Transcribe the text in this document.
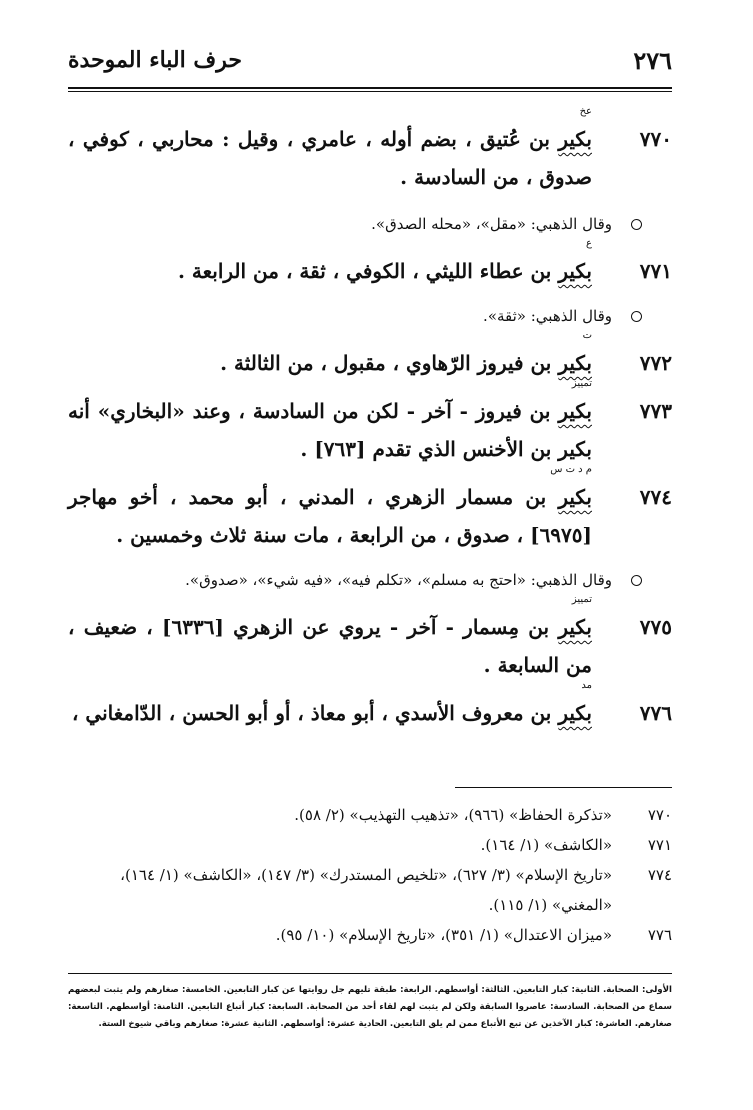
٢٧٦
حرف الباء الموحدة

٧٧٠
عخ
بكير بن عُتيق ، بضم أوله ، عامري ، وقيل : محاربي ، كوفي ، صدوق ، من السادسة .

وقال الذهبي: «مقل»، «محله الصدق».

٧٧١
ع
بكير بن عطاء الليثي ، الكوفي ، ثقة ، من الرابعة .

وقال الذهبي: «ثقة».

٧٧٢
ت
بكير بن فيروز الرّهاوي ، مقبول ، من الثالثة .

٧٧٣
تمييز
بكير بن فيروز - آخر - لكن من السادسة ، وعند «البخاري» أنه بكير بن الأخنس الذي تقدم [٧٦٣] .

٧٧٤
م د ت س
بكير بن مسمار الزهري ، المدني ، أبو محمد ، أخو مهاجر [٦٩٧٥] ، صدوق ، من الرابعة ، مات سنة ثلاث وخمسين .

وقال الذهبي: «احتج به مسلم»، «تكلم فيه»، «فيه شيء»، «صدوق».

٧٧٥
تمييز
بكير بن مِسمار - آخر - يروي عن الزهري [٦٣٣٦] ، ضعيف ، من السابعة .

٧٧٦
مد
بكير بن معروف الأسدي ، أبو معاذ ، أو أبو الحسن ، الدّامغاني ،

٧٧٠
«تذكرة الحفاظ» (٩٦٦)، «تذهيب التهذيب» (٢/ ٥٨).

٧٧١
«الكاشف» (١/ ١٦٤).

٧٧٤
«تاريخ الإسلام» (٣/ ٦٢٧)، «تلخيص المستدرك» (٣/ ١٤٧)، «الكاشف» (١/ ١٦٤)، «المغني» (١/ ١١٥).

٧٧٦
«ميزان الاعتدال» (١/ ٣٥١)، «تاريخ الإسلام» (١٠/ ٩٥).

الأولى: الصحابة. الثانية: كبار التابعين. الثالثة: أواسطهم. الرابعة: طبقة تليهم جل روايتها عن كبار التابعين. الخامسة: صغارهم ولم يثبت لبعضهم سماع من الصحابة. السادسة: عاصروا السابقة ولكن لم يثبت لهم لقاء أحد من الصحابة. السابعة: كبار أتباع التابعين. الثامنة: أواسطهم. التاسعة: صغارهم. العاشرة: كبار الآخذين عن تبع الأتباع ممن لم يلق التابعين. الحادية عشرة: أواسطهم. الثانية عشرة: صغارهم وباقي شيوخ الستة.
